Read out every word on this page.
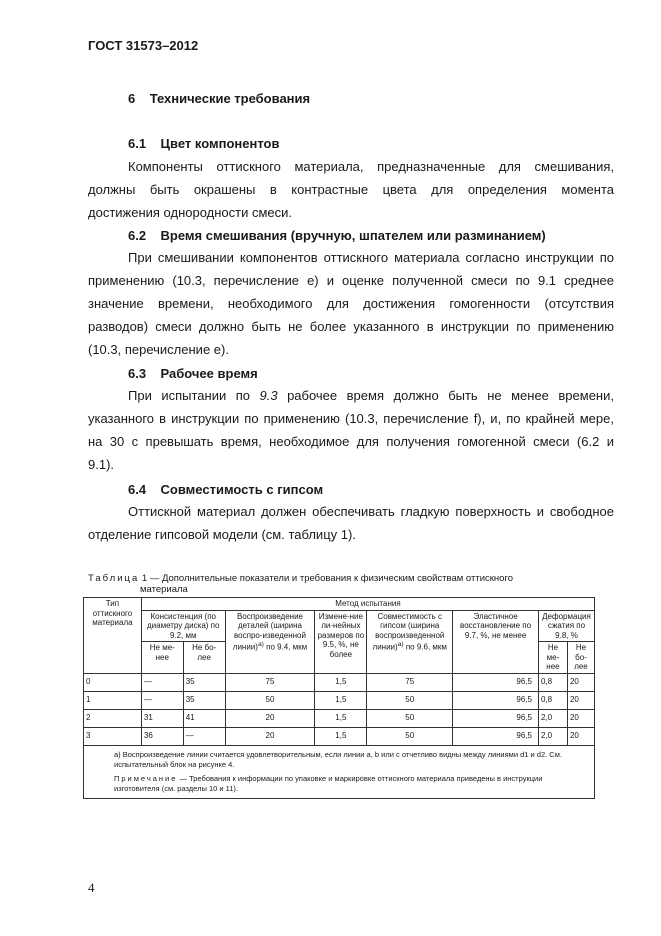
ГОСТ 31573–2012
6 Технические требования
6.1 Цвет компонентов
Компоненты оттискного материала, предназначенные для смешивания,
должны быть окрашены в контрастные цвета для определения момента
достижения однородности смеси.
6.2 Время смешивания (вручную, шпателем или разминанием)
При смешивании компонентов оттискного материала согласно инструкции по
применению (10.3, перечисление е) и оценке полученной смеси по 9.1 среднее
значение времени, необходимого для достижения гомогенности (отсутствия
разводов) смеси должно быть не более указанного в инструкции по применению
(10.3, перечисление е).
6.3 Рабочее время
При испытании по 9.3 рабочее время должно быть не менее времени,
указанного в инструкции по применению (10.3, перечисление f), и, по крайней мере,
на 30 с превышать время, необходимое для получения гомогенной смеси (6.2 и
9.1).
6.4 Совместимость с гипсом
Оттискной материал должен обеспечивать гладкую поверхность и свободное
отделение гипсовой модели (см. таблицу 1).
Таблица 1 — Дополнительные показатели и требования к физическим свойствам оттискного
материала
Тип оттискного материала	Метод испытания							
	Консистенция (по диаметру диска) по 9.2, мм		Воспроизведение деталей (ширина воспро-изведенной линии)$^{а)}$ по 9.4, мкм	Измене-ние ли-нейных размеров по 9.5, %, не более	Совместимость с гипсом (ширина воспроизведенной линии)$^{а)}$ по 9.6, мкм	Эластичное восстановление по 9.7, %, не менее	Деформация сжатия по 9.8, %	
	Не ме-нее	Не бо-лее					Не ме-нее	Не бо-лее
0	—	35	75	1,5	75	96,5	0,8	20
1	—	35	50	1,5	50	96,5	0,8	20
2	31	41	20	1,5	50	96,5	2,0	20
3	36	—	20	1,5	50	96,5	2,0	20

а) Воспроизведение линии считается удовлетворительным, если линии a, b или c отчетливо видны между линиями d1 и d2. См. испытательный блок на рисунке 4.
Примечание — Требования к информации по упаковке и маркировке оттискного материала приведены в инструкции изготовителя (см. разделы 10 и 11).								
4
